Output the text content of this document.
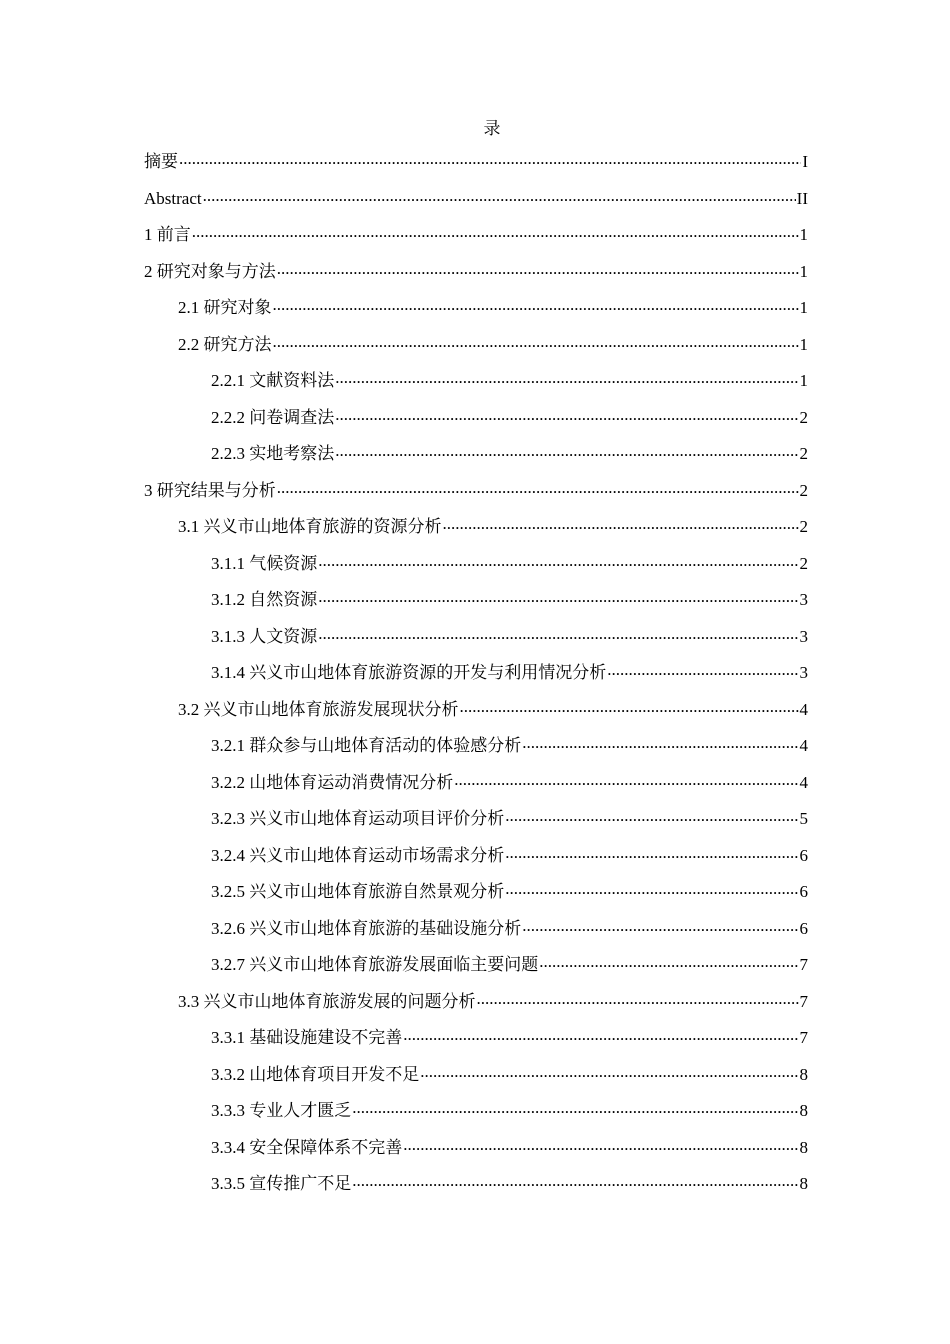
录
摘要 .....	I
Abstract .....	II
1 前言 .....	1
2 研究对象与方法 .....	1
2.1 研究对象 .....	1
2.2 研究方法 .....	1
2.2.1 文献资料法 .....	1
2.2.2 问卷调查法 .....	2
2.2.3 实地考察法 .....	2
3 研究结果与分析 .....	2
3.1 兴义市山地体育旅游的资源分析 .....	2
3.1.1 气候资源 .....	2
3.1.2 自然资源 .....	3
3.1.3 人文资源 .....	3
3.1.4 兴义市山地体育旅游资源的开发与利用情况分析 .....	3
3.2 兴义市山地体育旅游发展现状分析 .....	4
3.2.1 群众参与山地体育活动的体验感分析 .....	4
3.2.2 山地体育运动消费情况分析 .....	4
3.2.3 兴义市山地体育运动项目评价分析 .....	5
3.2.4 兴义市山地体育运动市场需求分析 .....	6
3.2.5 兴义市山地体育旅游自然景观分析 .....	6
3.2.6 兴义市山地体育旅游的基础设施分析 .....	6
3.2.7 兴义市山地体育旅游发展面临主要问题 .....	7
3.3 兴义市山地体育旅游发展的问题分析 .....	7
3.3.1 基础设施建设不完善 .....	7
3.3.2 山地体育项目开发不足 .....	8
3.3.3 专业人才匮乏 .....	8
3.3.4 安全保障体系不完善 .....	8
3.3.5 宣传推广不足 .....	8
